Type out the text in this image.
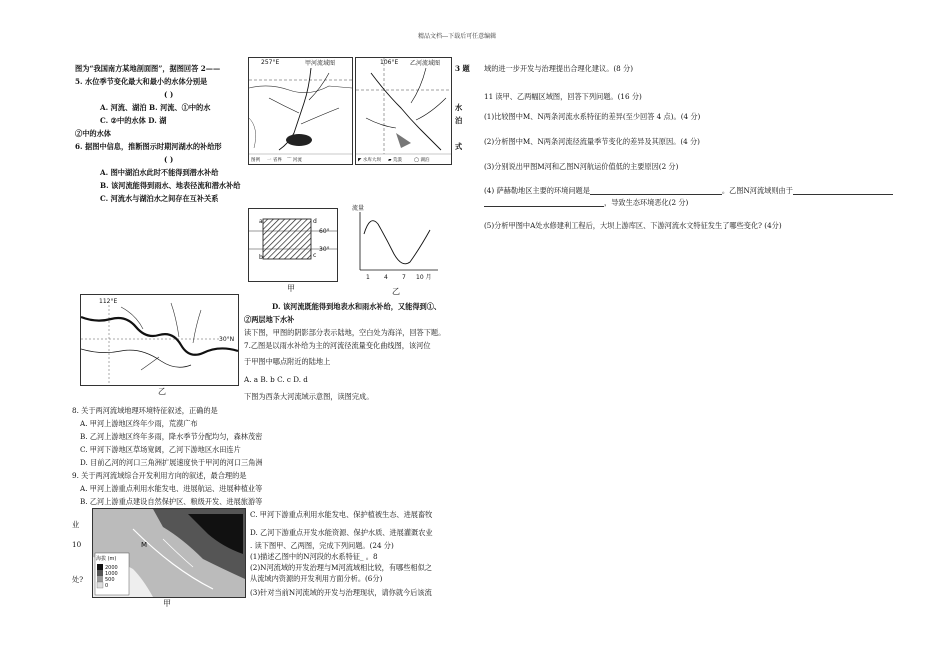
精品文档---下载后可任意编辑
图为“我国南方某地剖面图”，据图回答 2——	3 题
5. 水位季节变化最大和最小的水体分别是
( )
A. 河流、湖泊 B. 河流、①中的水	水
C. ②中的水体 D. 湖	泊
②中的水体
6. 据图中信息，推断图示时期河湖水的补给形	式
( )
A. 图中湖泊水此时不能得到潜水补给
B. 该河流能得到雨水、地表径流和潜水补给
C. 河流水与湖泊水之间存在互补关系
D. 该河流既能得到地表水和雨水补给，又能得到①、
②两层地下水补
读下图，甲图的阴影部分表示陆地，空白处为海洋，回答下题。
7.乙图是以雨水补给为主的河流径流量变化曲线图，该河位
于甲图中哪点附近的陆地上
A. a B. b C. c D. d
下图为西条大河流域示意图，读图完成。
8. 关于两河流域地理环境特征叙述，正确的是
A. 甲河上游地区终年少雨，荒漠广布
B. 乙河上游地区终年多雨，降水季节分配均匀，森林茂密
C. 甲河下游地区草场宽阔，乙河下游地区水田连片
D. 目前乙河的河口三角洲扩展速度快于甲河的河口三角洲
9. 关于两河流域综合开发利用方向的叙述，最合理的是
A. 甲河上游重点利用水能发电、进展航运、进展种植业等
B. 乙河上游重点建设自然保护区、粮级开发、进展旅游等
C. 甲河下游重点利用水能发电、保护植被生态、进展畜牧
业
D. 乙河下游重点开发水能资源、保护水质、进展灌溉农业
10	. 读下图甲、乙两图，完成下列问题。(24 分)
(1)描述乙图中的N河段的水系特征_ 。8
(2)N河流域的开发治理与M河流域相比较，有哪些相似之
处?	从流域内资源的开发利用方面分析。(6分)
(3)针对当前N河流域的开发与治理现状，请你就今后该流
域的进一步开发与治理提出合理化建议。(8 分)
11 读甲、乙两幅区域图，回答下列问题。(16 分)
(1)比较图中M、N两条河流水系特征的差异(至少回答 4 点)。(4 分)
(2)分析图中M、N两条河流径流量季节变化的差异及其原因。(4 分)
(3)分别说出甲图M河和乙图N河航运价值低的主要原因(2 分)
(4) 萨赫勒地区主要的环境问题是	。乙图N河流域则由于
，导致生态环境恶化(2 分)
(5)分析甲图中A处水修建利工程后，大坝上游库区、下游河流水文特征发生了哪些变化? (4分)
257°E	甲河流域图
图例 一 省界 ⌒ 河流
106°E 乙河流域图
◤ 水库大坝 ▰ 荒漠	◯ 湖泊
a	d
b	c
60°
30°
甲
流量
1 4 7 10 月
乙
112°E
30°N
乙
M
海拔 (m)
2000
1000
500
0
甲
